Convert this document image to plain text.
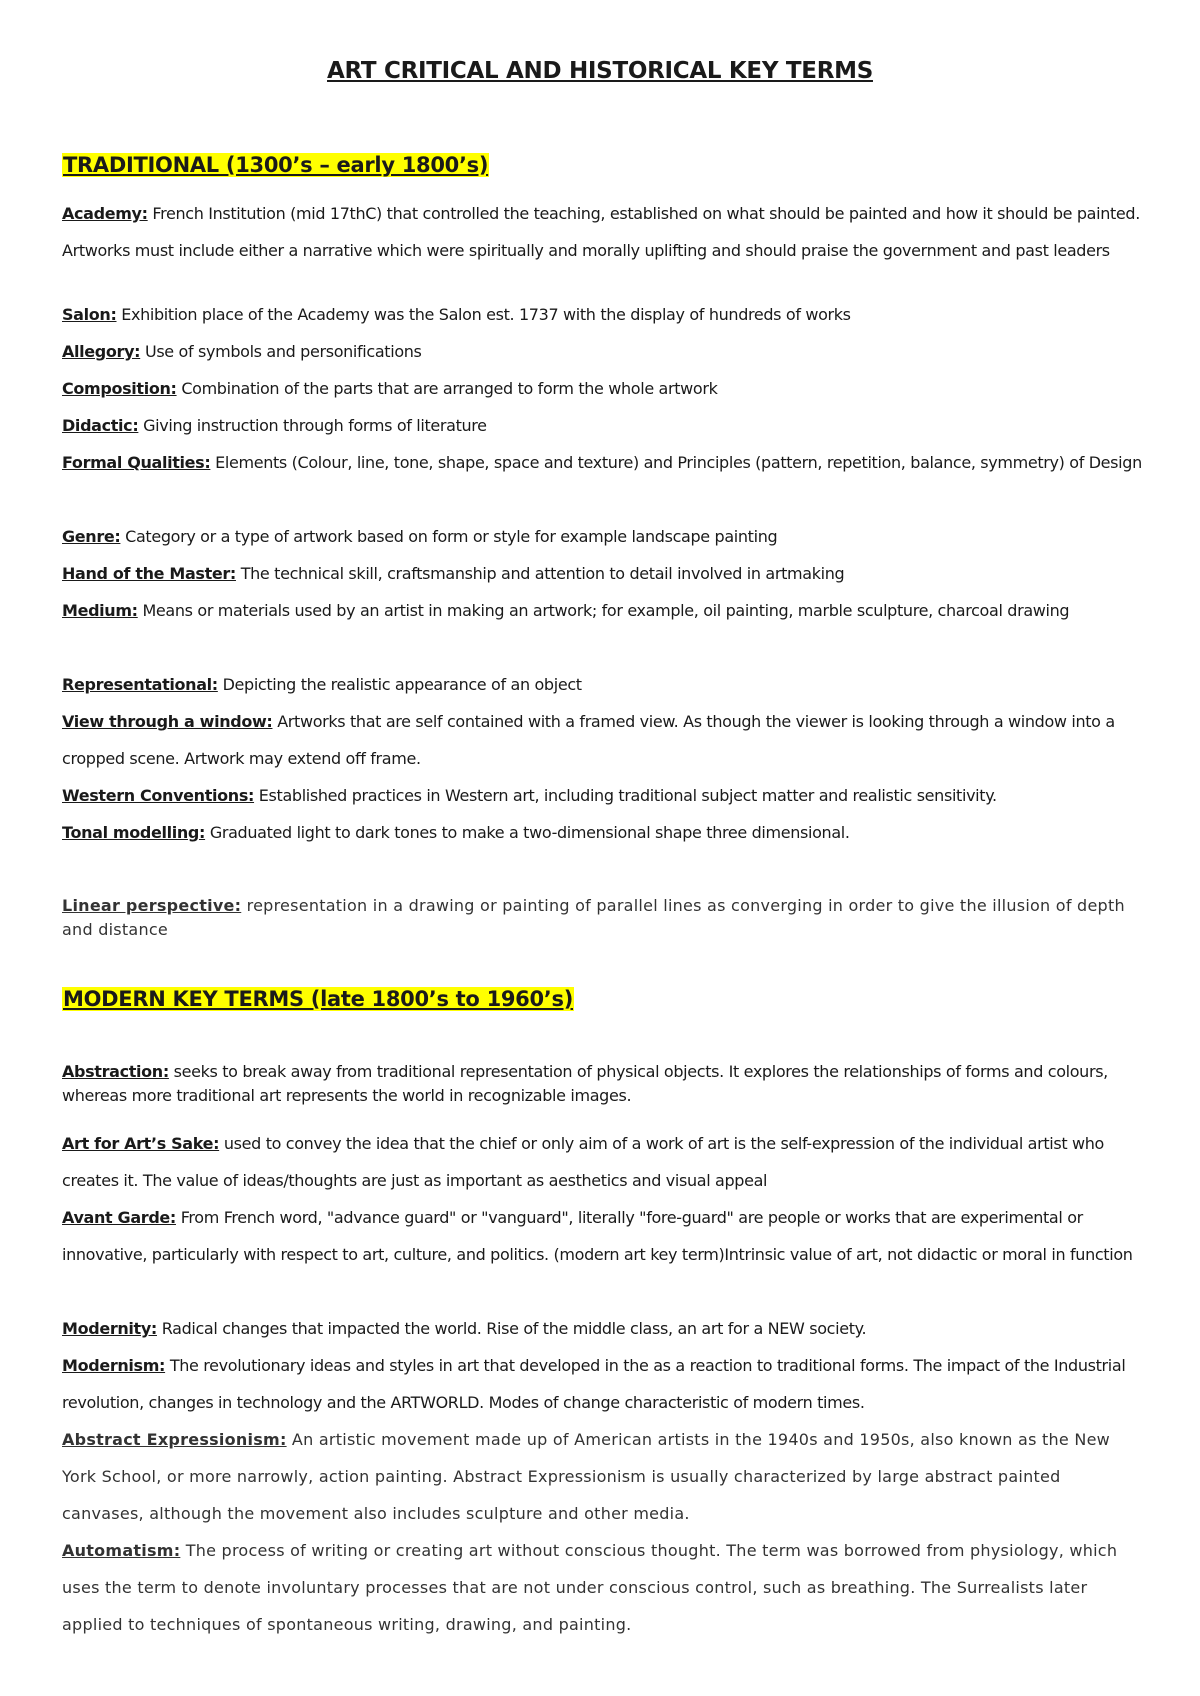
ART CRITICAL AND HISTORICAL KEY TERMS
TRADITIONAL (1300’s – early 1800’s)
Academy: French Institution (mid 17thC) that controlled the teaching, established on what should be painted and how it should be painted. Artworks must include either a narrative which were spiritually and morally uplifting and should praise the government and past leaders
Salon: Exhibition place of the Academy was the Salon est. 1737 with the display of hundreds of works
Allegory: Use of symbols and personifications
Composition: Combination of the parts that are arranged to form the whole artwork
Didactic: Giving instruction through forms of literature
Formal Qualities: Elements (Colour, line, tone, shape, space and texture) and Principles (pattern, repetition, balance, symmetry) of Design
Genre: Category or a type of artwork based on form or style for example landscape painting
Hand of the Master: The technical skill, craftsmanship and attention to detail involved in artmaking
Medium: Means or materials used by an artist in making an artwork; for example, oil painting, marble sculpture, charcoal drawing
Representational: Depicting the realistic appearance of an object
View through a window: Artworks that are self contained with a framed view. As though the viewer is looking through a window into a cropped scene. Artwork may extend off frame.
Western Conventions: Established practices in Western art, including traditional subject matter and realistic sensitivity.
Tonal modelling: Graduated light to dark tones to make a two-dimensional shape three dimensional.
Linear perspective: representation in a drawing or painting of parallel lines as converging in order to give the illusion of depth and distance
MODERN KEY TERMS (late 1800’s to 1960’s)
Abstraction: seeks to break away from traditional representation of physical objects. It explores the relationships of forms and colours, whereas more traditional art represents the world in recognizable images.
Art for Art’s Sake: used to convey the idea that the chief or only aim of a work of art is the self-expression of the individual artist who creates it. The value of ideas/thoughts are just as important as aesthetics and visual appeal
Avant Garde: From French word, "advance guard" or "vanguard", literally "fore-guard" are people or works that are experimental or innovative, particularly with respect to art, culture, and politics. (modern art key term)Intrinsic value of art, not didactic or moral in function
Modernity: Radical changes that impacted the world. Rise of the middle class, an art for a NEW society.
Modernism: The revolutionary ideas and styles in art that developed in the as a reaction to traditional forms. The impact of the Industrial revolution, changes in technology and the ARTWORLD. Modes of change characteristic of modern times.
Abstract Expressionism: An artistic movement made up of American artists in the 1940s and 1950s, also known as the New York School, or more narrowly, action painting. Abstract Expressionism is usually characterized by large abstract painted canvases, although the movement also includes sculpture and other media.
Automatism: The process of writing or creating art without conscious thought. The term was borrowed from physiology, which uses the term to denote involuntary processes that are not under conscious control, such as breathing. The Surrealists later applied to techniques of spontaneous writing, drawing, and painting.
